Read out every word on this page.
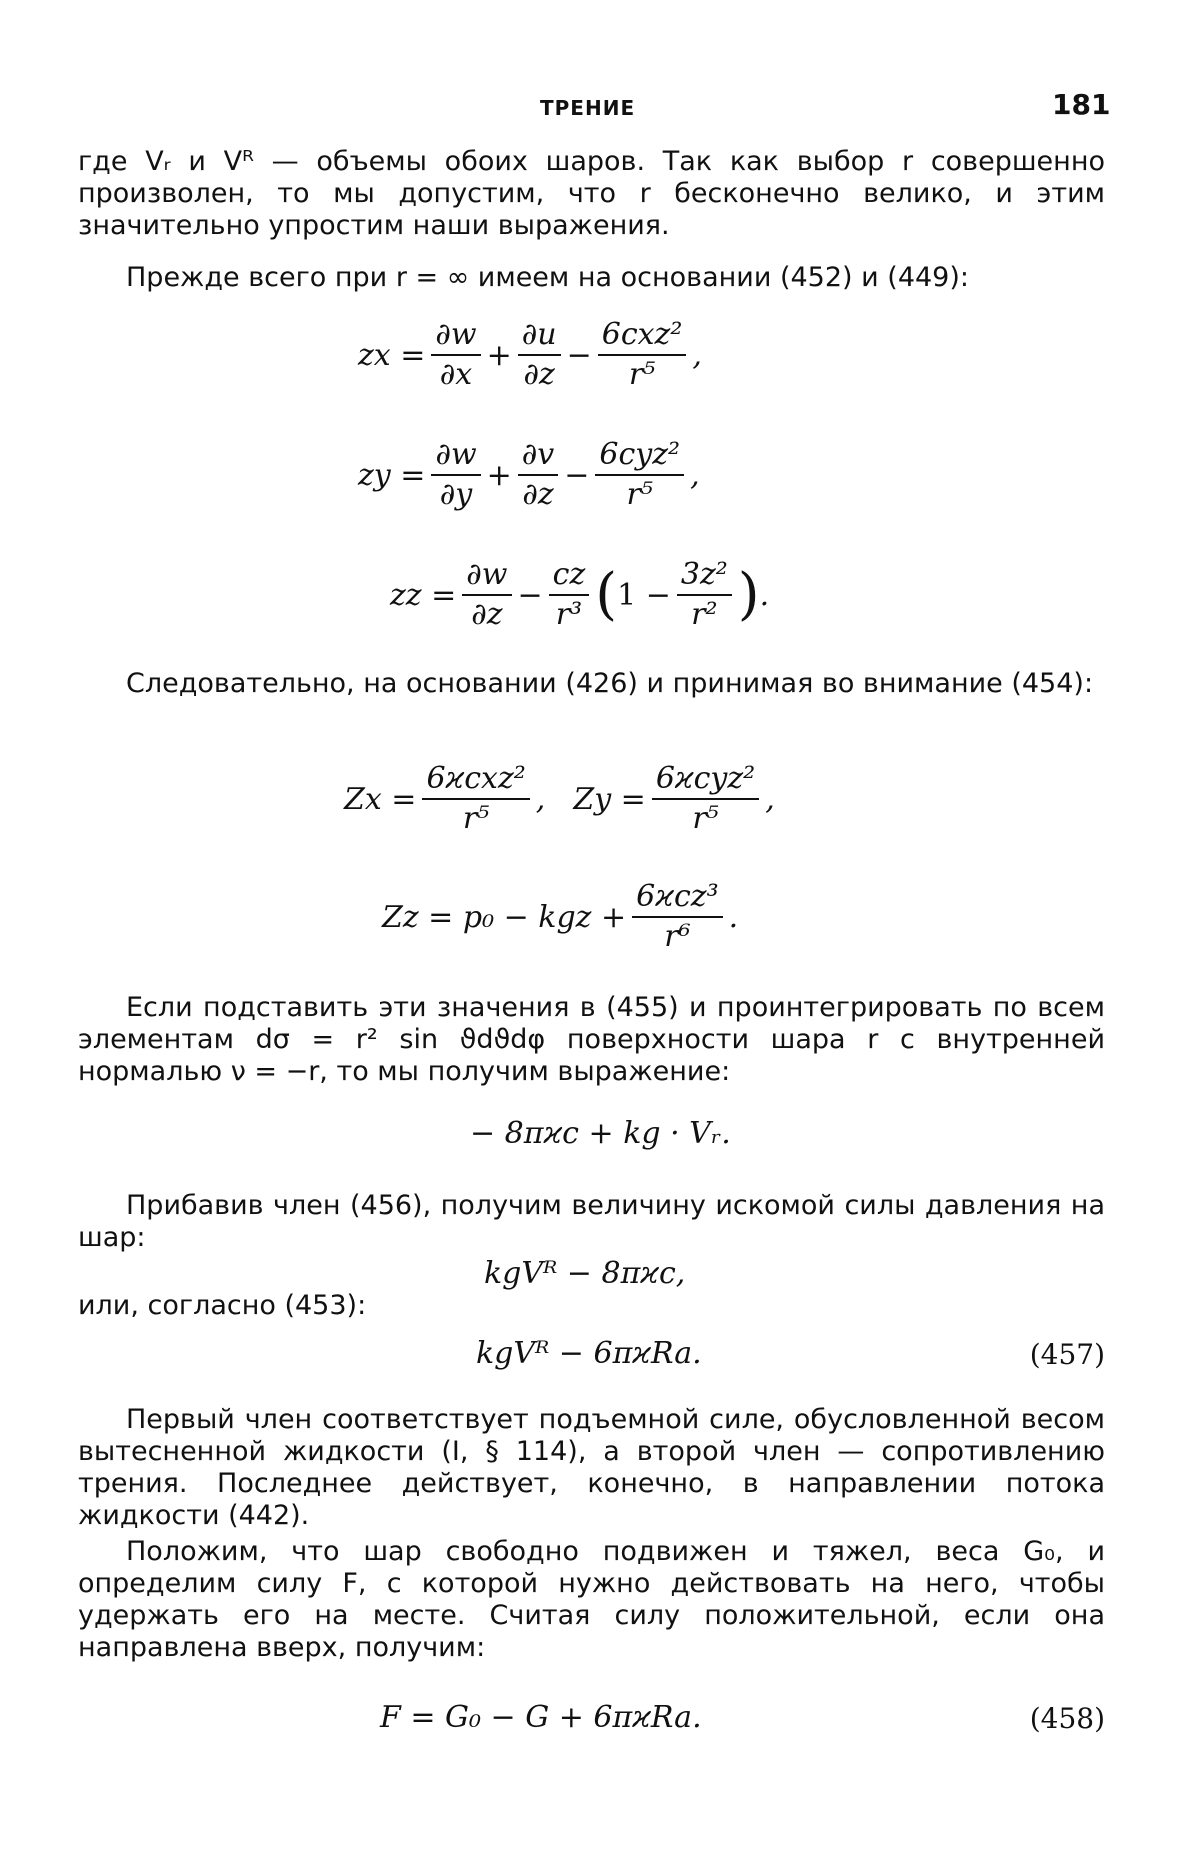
ТРЕНИЕ	181

где Vᵣ и Vᴿ — объемы обоих шаров. Так как выбор r совершенно произволен, то мы допустим, что r бесконечно велико, и этим значительно упростим наши выражения.

Прежде всего при r = ∞ имеем на основании (452) и (449):

zx = $\frac{\partial w}{\partial x} + \frac{\partial u}{\partial z} - \frac{\text{6cxz²}}{\text{r⁵}}$ ,
zy = $\frac{\partial w}{\partial y} + \frac{\partial v}{\partial z} - \frac{\text{6cyz²}}{\text{r⁵}}$ ,
zz = $\frac{\partial w}{\partial z} - \frac{cz}{\text{r³}}$ ( $1 - \frac{\text{3z²}}{\text{r²}}$ ) .

Следовательно, на основании (426) и принимая во внимание (454):

$Zx = \frac{\text{6ϰcxz²}}{\text{r⁵}}$ , $Zy = \frac{\text{6ϰcyz²}}{\text{r⁵}}$ ,
Zz = p₀ − kgz + $\frac{\text{6ϰcz³}}{\text{r⁶}}$ .

Если подставить эти значения в (455) и проинтегрировать по всем элементам dσ = r² sin ϑdϑdφ поверхности шара r с внутренней нормалью ν = −r, то мы получим выражение:

− 8πϰc + kg · Vᵣ.

Прибавив член (456), получим величину искомой силы давления на шар:

kgVᴿ − 8πϰc,
или, согласно (453):
kgVᴿ − 6πϰRa.	(457)

Первый член соответствует подъемной силе, обусловленной весом вытесненной жидкости (I, § 114), а второй член — сопротивлению трения. Последнее действует, конечно, в направлении потока жидкости (442).

Положим, что шар свободно подвижен и тяжел, веса G₀, и определим силу F, с которой нужно действовать на него, чтобы удержать его на месте. Считая силу положительной, если она направлена вверх, получим:

F = G₀ − G + 6πϰRa.	(458)
